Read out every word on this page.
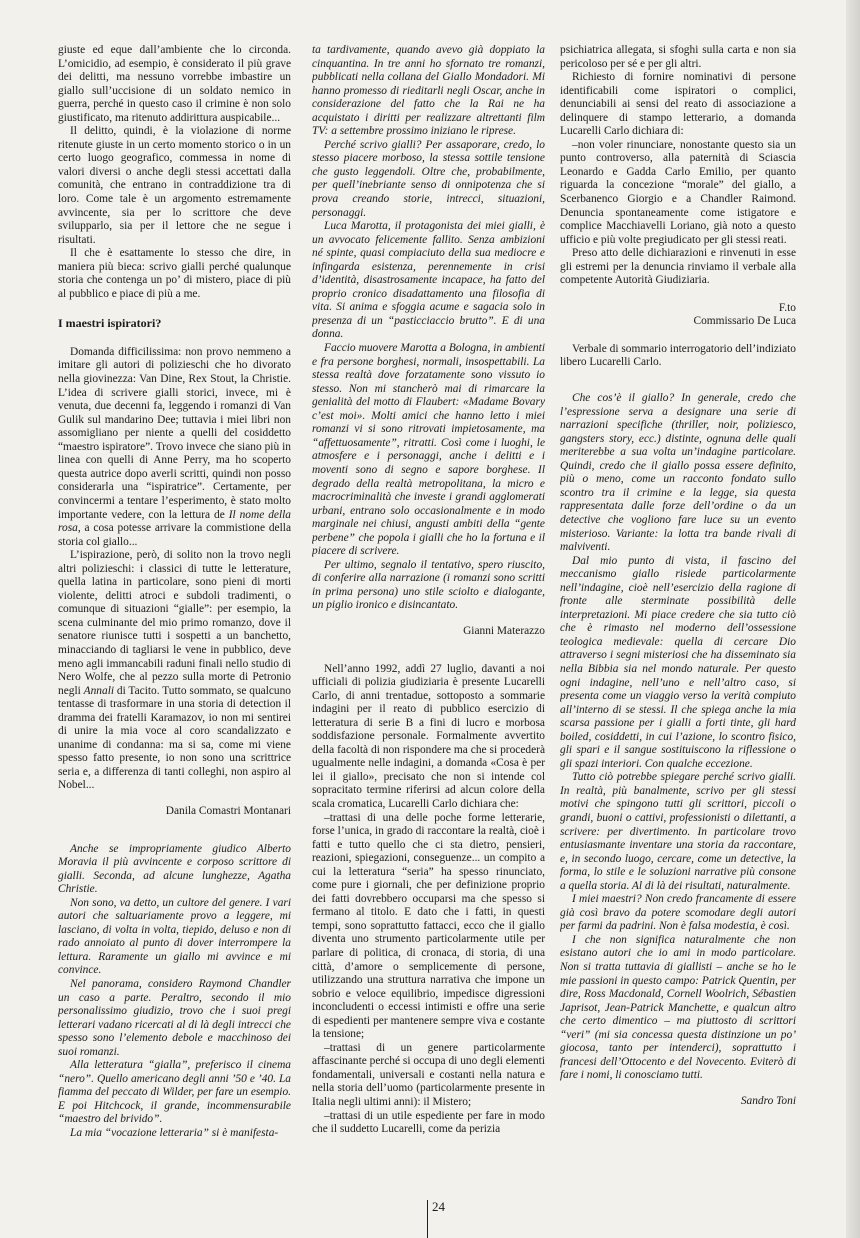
giuste ed eque dall’ambiente che lo circonda. L’omicidio, ad esempio, è considerato il più grave dei delitti, ma nessuno vorrebbe imbastire un giallo sull’uccisione di un soldato nemico in guerra, perché in questo caso il crimine è non solo giustificato, ma ritenuto addirittura auspicabile...

Il delitto, quindi, è la violazione di norme ritenute giuste in un certo momento storico o in un certo luogo geografico, commessa in nome di valori diversi o anche degli stessi accettati dalla comunità, che entrano in contraddizione tra di loro. Come tale è un argomento estremamente avvincente, sia per lo scrittore che deve svilupparlo, sia per il lettore che ne segue i risultati.

Il che è esattamente lo stesso che dire, in maniera più bieca: scrivo gialli perché qualunque storia che contenga un po’ di mistero, piace di più al pubblico e piace di più a me.

I maestri ispiratori?

Domanda difficilissima: non provo nemmeno a imitare gli autori di polizieschi che ho divorato nella giovinezza: Van Dine, Rex Stout, la Christie. L’idea di scrivere gialli storici, invece, mi è venuta, due decenni fa, leggendo i romanzi di Van Gulik sul mandarino Dee; tuttavia i miei libri non assomigliano per niente a quelli del cosiddetto “maestro ispiratore”. Trovo invece che siano più in linea con quelli di Anne Perry, ma ho scoperto questa autrice dopo averli scritti, quindi non posso considerarla una “ispiratrice”. Certamente, per convincermi a tentare l’esperimento, è stato molto importante vedere, con la lettura de Il nome della rosa, a cosa potesse arrivare la commistione della storia col giallo...

L’ispirazione, però, di solito non la trovo negli altri polizieschi: i classici di tutte le letterature, quella latina in particolare, sono pieni di morti violente, delitti atroci e subdoli tradimenti, o comunque di situazioni “gialle”: per esempio, la scena culminante del mio primo romanzo, dove il senatore riunisce tutti i sospetti a un banchetto, minacciando di tagliarsi le vene in pubblico, deve meno agli immancabili raduni finali nello studio di Nero Wolfe, che al pezzo sulla morte di Petronio negli Annali di Tacito. Tutto sommato, se qualcuno tentasse di trasformare in una storia di detection il dramma dei fratelli Karamazov, io non mi sentirei di unire la mia voce al coro scandalizzato e unanime di condanna: ma si sa, come mi viene spesso fatto presente, io non sono una scrittrice seria e, a differenza di tanti colleghi, non aspiro al Nobel...

Danila Comastri Montanari

Anche se impropriamente giudico Alberto Moravia il più avvincente e corposo scrittore di gialli. Seconda, ad alcune lunghezze, Agatha Christie.

Non sono, va detto, un cultore del genere. I vari autori che saltuariamente provo a leggere, mi lasciano, di volta in volta, tiepido, deluso e non di rado annoiato al punto di dover interrompere la lettura. Raramente un giallo mi avvince e mi convince.

Nel panorama, considero Raymond Chandler un caso a parte. Peraltro, secondo il mio personalissimo giudizio, trovo che i suoi pregi letterari vadano ricercati al di là degli intrecci che spesso sono l’elemento debole e macchinoso dei suoi romanzi.

Alla letteratura “gialla”, preferisco il cinema “nero”. Quello americano degli anni ’50 e ’40. La fiamma del peccato di Wilder, per fare un esempio. E poi Hitchcock, il grande, incommensurabile “maestro del brivido”.

La mia “vocazione letteraria” si è manifesta-

ta tardivamente, quando avevo già doppiato la cinquantina. In tre anni ho sfornato tre romanzi, pubblicati nella collana del Giallo Mondadori. Mi hanno promesso di rieditarli negli Oscar, anche in considerazione del fatto che la Rai ne ha acquistato i diritti per realizzare altrettanti film TV: a settembre prossimo iniziano le riprese.

Perché scrivo gialli? Per assaporare, credo, lo stesso piacere morboso, la stessa sottile tensione che gusto leggendoli. Oltre che, probabilmente, per quell’inebriante senso di onnipotenza che si prova creando storie, intrecci, situazioni, personaggi.

Luca Marotta, il protagonista dei miei gialli, è un avvocato felicemente fallito. Senza ambizioni né spinte, quasi compiaciuto della sua mediocre e infingarda esistenza, perennemente in crisi d’identità, disastrosamente incapace, ha fatto del proprio cronico disadattamento una filosofia di vita. Si anima e sfoggia acume e sagacia solo in presenza di un “pasticciaccio brutto”. E di una donna.

Faccio muovere Marotta a Bologna, in ambienti e fra persone borghesi, normali, insospettabili. La stessa realtà dove forzatamente sono vissuto io stesso. Non mi stancherò mai di rimarcare la genialità del motto di Flaubert: «Madame Bovary c’est moi». Molti amici che hanno letto i miei romanzi vi si sono ritrovati impietosamente, ma “affettuosamente”, ritratti. Così come i luoghi, le atmosfere e i personaggi, anche i delitti e i moventi sono di segno e sapore borghese. Il degrado della realtà metropolitana, la micro e macrocriminalità che investe i grandi agglomerati urbani, entrano solo occasionalmente e in modo marginale nei chiusi, angusti ambiti della “gente perbene” che popola i gialli che ho la fortuna e il piacere di scrivere.

Per ultimo, segnalo il tentativo, spero riuscito, di conferire alla narrazione (i romanzi sono scritti in prima persona) uno stile sciolto e dialogante, un piglio ironico e disincantato.

Gianni Materazzo

Nell’anno 1992, addì 27 luglio, davanti a noi ufficiali di polizia giudiziaria è presente Lucarelli Carlo, di anni trentadue, sottoposto a sommarie indagini per il reato di pubblico esercizio di letteratura di serie B a fini di lucro e morbosa soddisfazione personale. Formalmente avvertito della facoltà di non rispondere ma che si procederà ugualmente nelle indagini, a domanda «Cosa è per lei il giallo», precisato che non si intende col sopracitato termine riferirsi ad alcun colore della scala cromatica, Lucarelli Carlo dichiara che:

–trattasi di una delle poche forme letterarie, forse l’unica, in grado di raccontare la realtà, cioè i fatti e tutto quello che ci sta dietro, pensieri, reazioni, spiegazioni, conseguenze... un compito a cui la letteratura “seria” ha spesso rinunciato, come pure i giornali, che per definizione proprio dei fatti dovrebbero occuparsi ma che spesso si fermano al titolo. E dato che i fatti, in questi tempi, sono soprattutto fattacci, ecco che il giallo diventa uno strumento particolarmente utile per parlare di politica, di cronaca, di storia, di una città, d’amore o semplicemente di persone, utilizzando una struttura narrativa che impone un sobrio e veloce equilibrio, impedisce digressioni inconcludenti o eccessi intimisti e offre una serie di espedienti per mantenere sempre viva e costante la tensione;

–trattasi di un genere particolarmente affascinante perché si occupa di uno degli elementi fondamentali, universali e costanti nella natura e nella storia dell’uomo (particolarmente presente in Italia negli ultimi anni): il Mistero;

–trattasi di un utile espediente per fare in modo che il suddetto Lucarelli, come da perizia

psichiatrica allegata, si sfoghi sulla carta e non sia pericoloso per sé e per gli altri.

Richiesto di fornire nominativi di persone identificabili come ispiratori o complici, denunciabili ai sensi del reato di associazione a delinquere di stampo letterario, a domanda Lucarelli Carlo dichiara di:

–non voler rinunciare, nonostante questo sia un punto controverso, alla paternità di Sciascia Leonardo e Gadda Carlo Emilio, per quanto riguarda la concezione “morale” del giallo, a Scerbanenco Giorgio e a Chandler Raimond. Denuncia spontaneamente come istigatore e complice Macchiavelli Loriano, già noto a questo ufficio e più volte pregiudicato per gli stessi reati.

Preso atto delle dichiarazioni e rinvenuti in esse gli estremi per la denuncia rinviamo il verbale alla competente Autorità Giudiziaria.

F.to

Commissario De Luca

Verbale di sommario interrogatorio dell’indiziato libero Lucarelli Carlo.

Che cos’è il giallo? In generale, credo che l’espressione serva a designare una serie di narrazioni specifiche (thriller, noir, poliziesco, gangsters story, ecc.) distinte, ognuna delle quali meriterebbe a sua volta un’indagine particolare. Quindi, credo che il giallo possa essere definito, più o meno, come un racconto fondato sullo scontro tra il crimine e la legge, sia questa rappresentata dalle forze dell’ordine o da un detective che vogliono fare luce su un evento misterioso. Variante: la lotta tra bande rivali di malviventi.

Dal mio punto di vista, il fascino del meccanismo giallo risiede particolarmente nell’indagine, cioè nell’esercizio della ragione di fronte alle sterminate possibilità delle interpretazioni. Mi piace credere che sia tutto ciò che è rimasto nel moderno dell’ossessione teologica medievale: quella di cercare Dio attraverso i segni misteriosi che ha disseminato sia nella Bibbia sia nel mondo naturale. Per questo ogni indagine, nell’uno e nell’altro caso, si presenta come un viaggio verso la verità compiuto all’interno di se stessi. Il che spiega anche la mia scarsa passione per i gialli a forti tinte, gli hard boiled, cosiddetti, in cui l’azione, lo scontro fisico, gli spari e il sangue sostituiscono la riflessione o gli spazi interiori. Con qualche eccezione.

Tutto ciò potrebbe spiegare perché scrivo gialli. In realtà, più banalmente, scrivo per gli stessi motivi che spingono tutti gli scrittori, piccoli o grandi, buoni o cattivi, professionisti o dilettanti, a scrivere: per divertimento. In particolare trovo entusiasmante inventare una storia da raccontare, e, in secondo luogo, cercare, come un detective, la forma, lo stile e le soluzioni narrative più consone a quella storia. Al di là dei risultati, naturalmente.

I miei maestri? Non credo francamente di essere già così bravo da potere scomodare degli autori per farmi da padrini. Non è falsa modestia, è così.

I che non significa naturalmente che non esistano autori che io ami in modo particolare. Non si tratta tuttavia di giallisti – anche se ho le mie passioni in questo campo: Patrick Quentin, per dire, Ross Macdonald, Cornell Woolrich, Sébastien Japrisot, Jean-Patrick Manchette, e qualcun altro che certo dimentico – ma piuttosto di scrittori “veri” (mi sia concessa questa distinzione un po’ giocosa, tanto per intenderci), soprattutto i francesi dell’Ottocento e del Novecento. Eviterò di fare i nomi, li conosciamo tutti.

Sandro Toni

24
